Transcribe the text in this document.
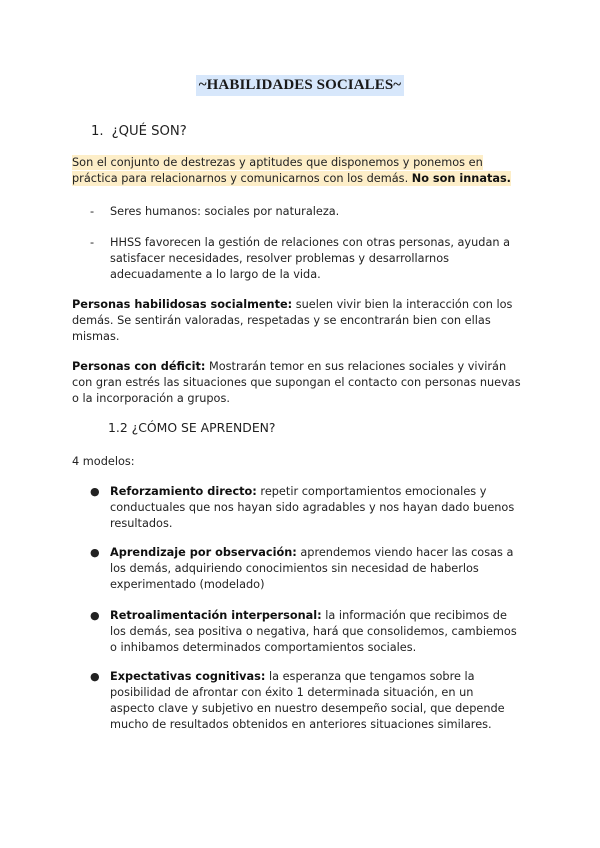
~HABILIDADES SOCIALES~
1. ¿QUÉ SON?
Son el conjunto de destrezas y aptitudes que disponemos y ponemos en práctica para relacionarnos y comunicarnos con los demás. No son innatas.
- Seres humanos: sociales por naturaleza.
- HHSS favorecen la gestión de relaciones con otras personas, ayudan a satisfacer necesidades, resolver problemas y desarrollarnos adecuadamente a lo largo de la vida.
Personas habilidosas socialmente: suelen vivir bien la interacción con los demás. Se sentirán valoradas, respetadas y se encontrarán bien con ellas mismas.
Personas con déficit: Mostrarán temor en sus relaciones sociales y vivirán con gran estrés las situaciones que supongan el contacto con personas nuevas o la incorporación a grupos.
1.2 ¿CÓMO SE APRENDEN?
4 modelos:
● Reforzamiento directo: repetir comportamientos emocionales y conductuales que nos hayan sido agradables y nos hayan dado buenos resultados.
● Aprendizaje por observación: aprendemos viendo hacer las cosas a los demás, adquiriendo conocimientos sin necesidad de haberlos experimentado (modelado)
● Retroalimentación interpersonal: la información que recibimos de los demás, sea positiva o negativa, hará que consolidemos, cambiemos o inhibamos determinados comportamientos sociales.
● Expectativas cognitivas: la esperanza que tengamos sobre la posibilidad de afrontar con éxito 1 determinada situación, en un aspecto clave y subjetivo en nuestro desempeño social, que depende mucho de resultados obtenidos en anteriores situaciones similares.
